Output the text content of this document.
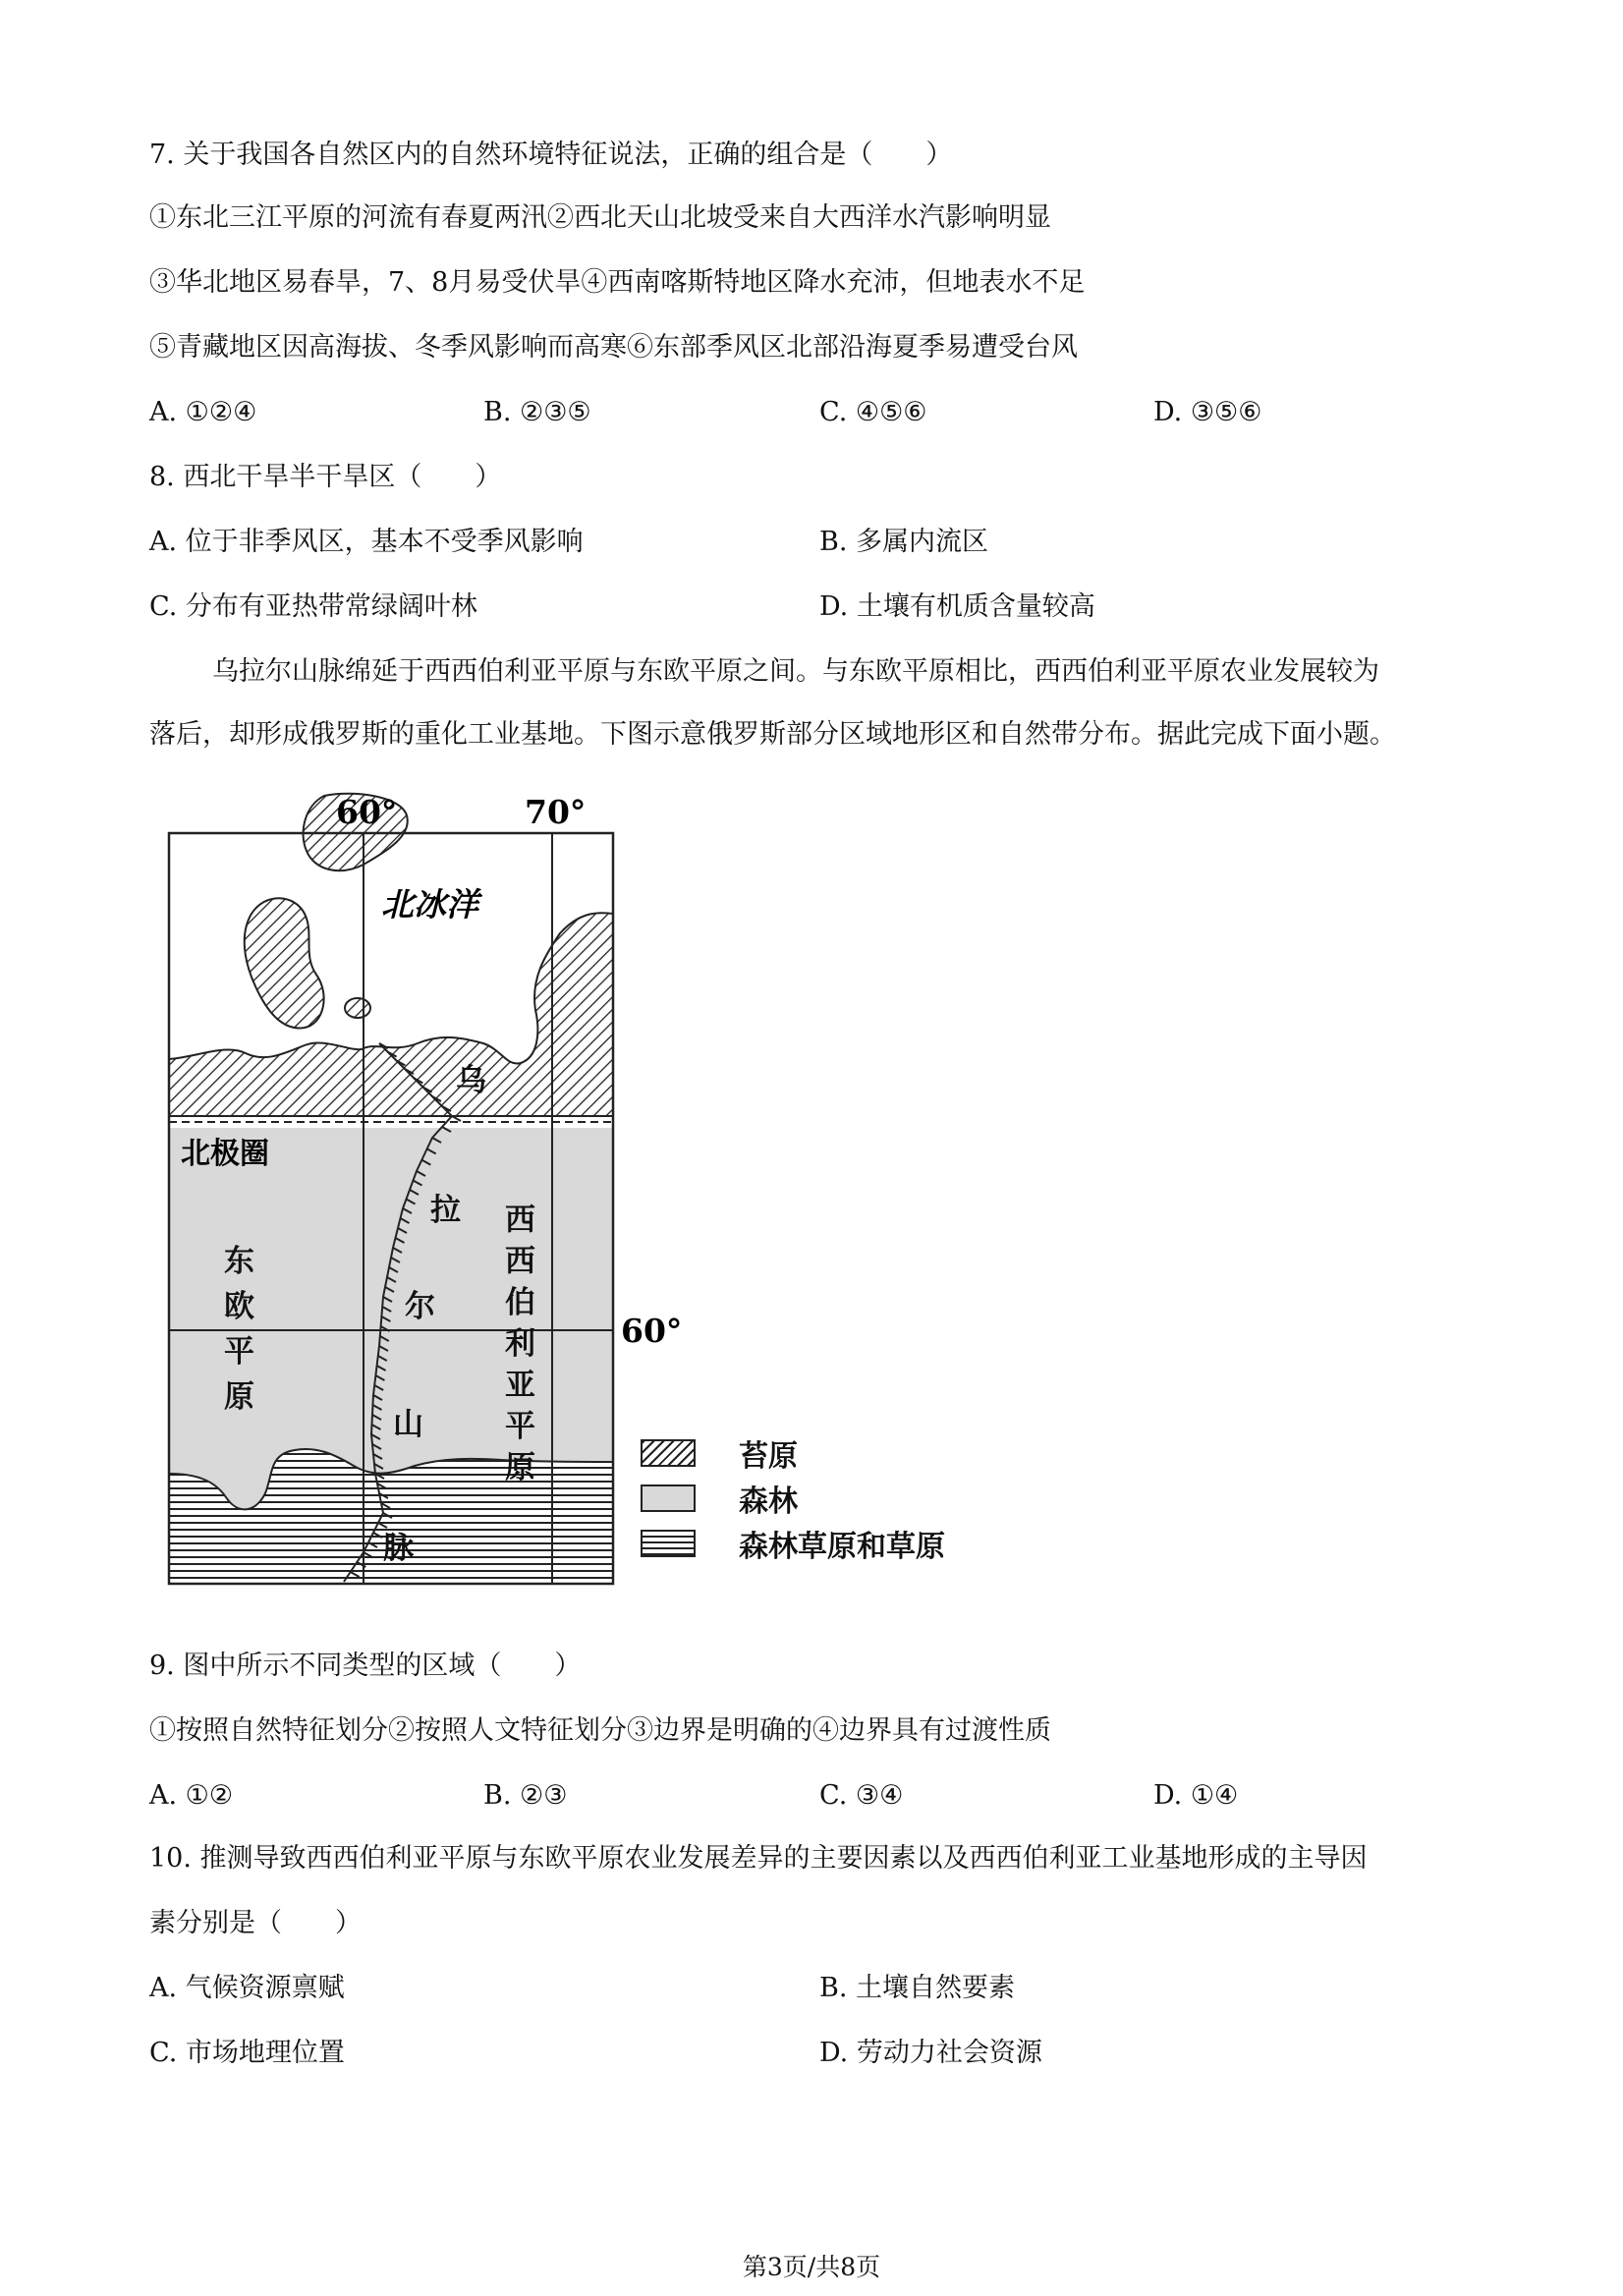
7. 关于我国各自然区内的自然环境特征说法，正确的组合是（　　）
①东北三江平原的河流有春夏两汛②西北天山北坡受来自大西洋水汽影响明显
③华北地区易春旱，7、8月易受伏旱④西南喀斯特地区降水充沛，但地表水不足
⑤青藏地区因高海拔、冬季风影响而高寒⑥东部季风区北部沿海夏季易遭受台风
A. ①②④	B. ②③⑤	C. ④⑤⑥	D. ③⑤⑥
8. 西北干旱半干旱区（　　）
A. 位于非季风区，基本不受季风影响	B. 多属内流区
C. 分布有亚热带常绿阔叶林	D. 土壤有机质含量较高

乌拉尔山脉绵延于西西伯利亚平原与东欧平原之间。与东欧平原相比，西西伯利亚平原农业发展较为

落后，却形成俄罗斯的重化工业基地。下图示意俄罗斯部分区域地形区和自然带分布。据此完成下面小题。

60°	70°
60°
北冰洋
北极圈
东
欧
平
原
乌
拉
尔
山
脉
西
西
伯
利
亚
平
原	苔原
森林
森林草原和草原
9. 图中所示不同类型的区域（　　）
①按照自然特征划分②按照人文特征划分③边界是明确的④边界具有过渡性质
A. ①②	B. ②③	C. ③④	D. ①④
10. 推测导致西西伯利亚平原与东欧平原农业发展差异的主要因素以及西西伯利亚工业基地形成的主导因
素分别是（　　）
A. 气候资源禀赋	B. 土壤自然要素
C. 市场地理位置	D. 劳动力社会资源
第3页/共8页
